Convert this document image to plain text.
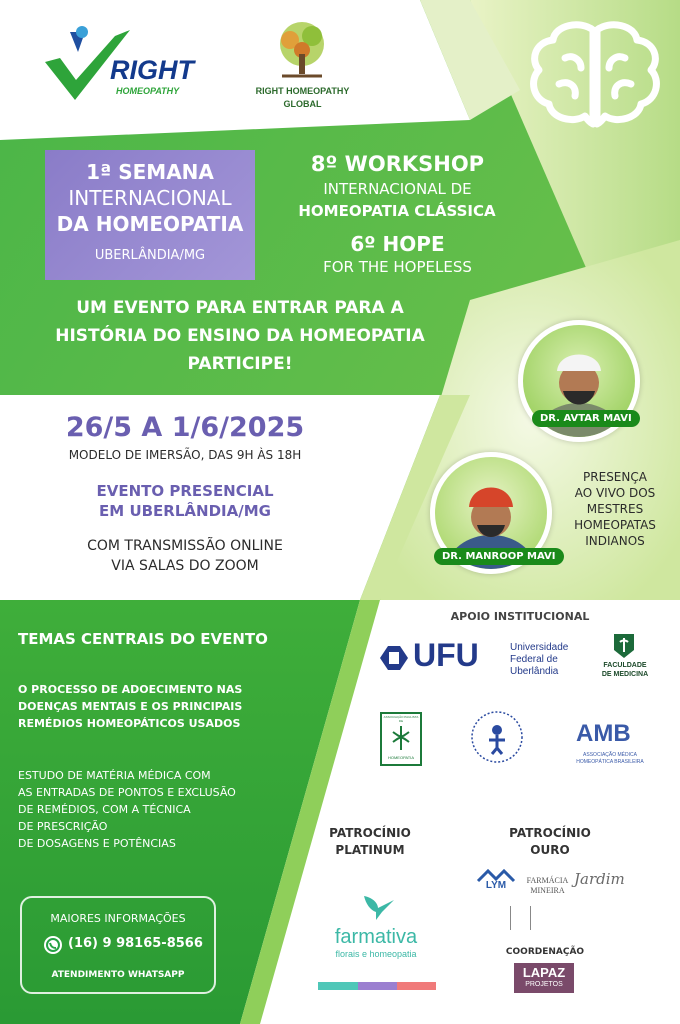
RIGHT
HOMEOPATHY	RIGHT HOMEOPATHY
GLOBAL
1ª SEMANA
INTERNACIONAL
DA HOMEOPATIA
UBERLÂNDIA/MG
8º WORKSHOP
INTERNACIONAL DE
HOMEOPATIA CLÁSSICA
6º HOPE
FOR THE HOPELESS
UM EVENTO PARA ENTRAR PARA A
HISTÓRIA DO ENSINO DA HOMEOPATIA
PARTICIPE!
26/5 A 1/6/2025
MODELO DE IMERSÃO, DAS 9H ÀS 18H
EVENTO PRESENCIAL
EM UBERLÂNDIA/MG
COM TRANSMISSÃO ONLINE
VIA SALAS DO ZOOM
DR. AVTAR MAVI
DR. MANROOP MAVI
PRESENÇA
AO VIVO DOS
MESTRES
HOMEOPATAS
INDIANOS
TEMAS CENTRAIS DO EVENTO
O PROCESSO DE ADOECIMENTO NAS
DOENÇAS MENTAIS E OS PRINCIPAIS
REMÉDIOS HOMEOPÁTICOS USADOS
ESTUDO DE MATÉRIA MÉDICA COM
AS ENTRADAS DE PONTOS E EXCLUSÃO
DE REMÉDIOS, COM A TÉCNICA
DE PRESCRIÇÃO
DE DOSAGENS E POTÊNCIAS
MAIORES INFORMAÇÕES
(16) 9 98165-8566
ATENDIMENTO WHATSAPP
APOIO INSTITUCIONAL
UFU	Universidade
Federal de
Uberlândia
FACULDADE
DE MEDICINA
ASSOCIAÇÃO PAULISTA DE
HOMEOPATIA
AMB
ASSOCIAÇÃO MÉDICA
HOMEOPÁTICA BRASILEIRA
PATROCÍNIO
PLATINUM
PATROCÍNIO
OURO
farmativa
florais e homeopatia
LYM	FARMÁCIA
MINEIRA
Jardim
COORDENAÇÃO
LAPAZ
PROJETOS
